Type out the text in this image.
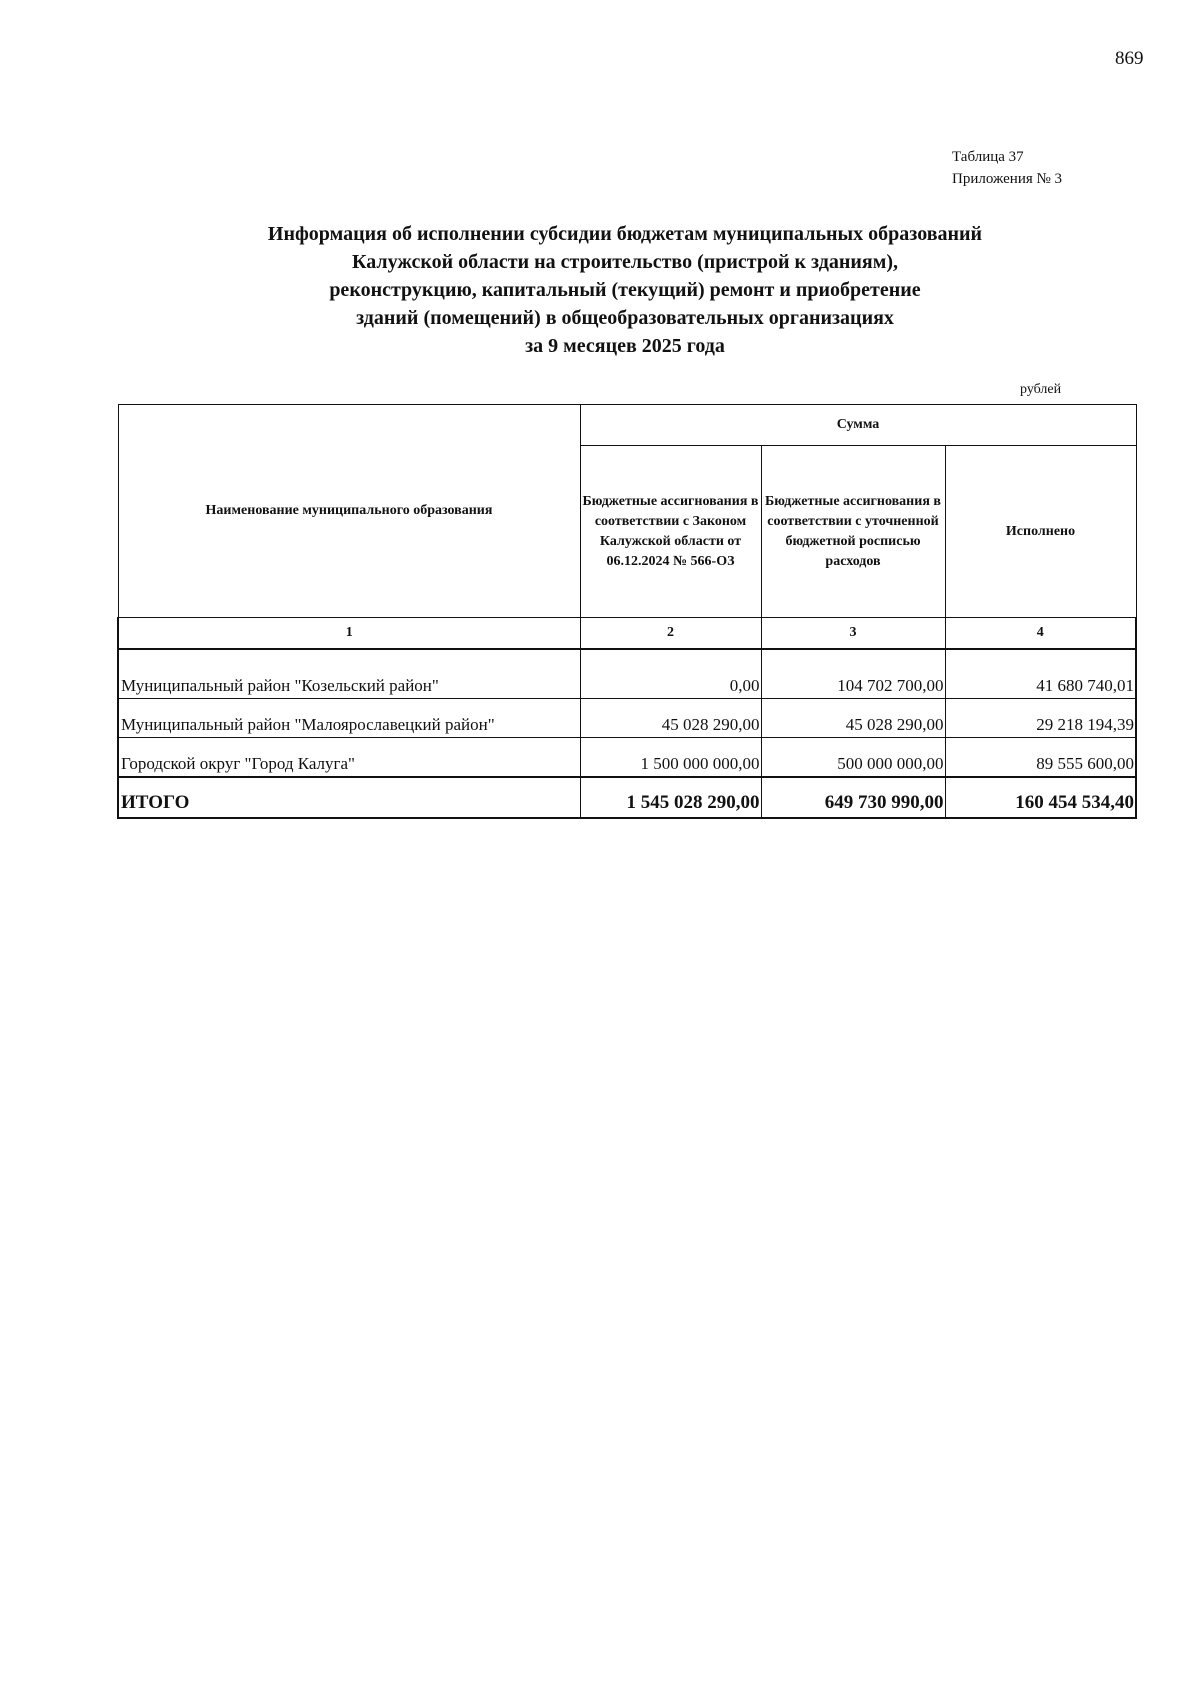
869
Таблица 37
Приложения № 3
Информация об исполнении субсидии бюджетам муниципальных образований
Калужской области на строительство (пристрой к зданиям),
реконструкцию, капитальный (текущий) ремонт и приобретение
зданий (помещений) в общеобразовательных организациях
за 9 месяцев 2025 года
рублей
Наименование муниципального образования	Сумма		
	Бюджетные ассигнования в соответствии с Законом Калужской области от 06.12.2024 № 566-ОЗ	Бюджетные ассигнования в соответствии с уточненной бюджетной росписью расходов	Исполнено
1	2	3	4

Муниципальный район "Козельский район"	0,00	104 702 700,00	41 680 740,01
Муниципальный район "Малоярославецкий район"	45 028 290,00	45 028 290,00	29 218 194,39
Городской округ "Город Калуга"	1 500 000 000,00	500 000 000,00	89 555 600,00
ИТОГО	1 545 028 290,00	649 730 990,00	160 454 534,40
